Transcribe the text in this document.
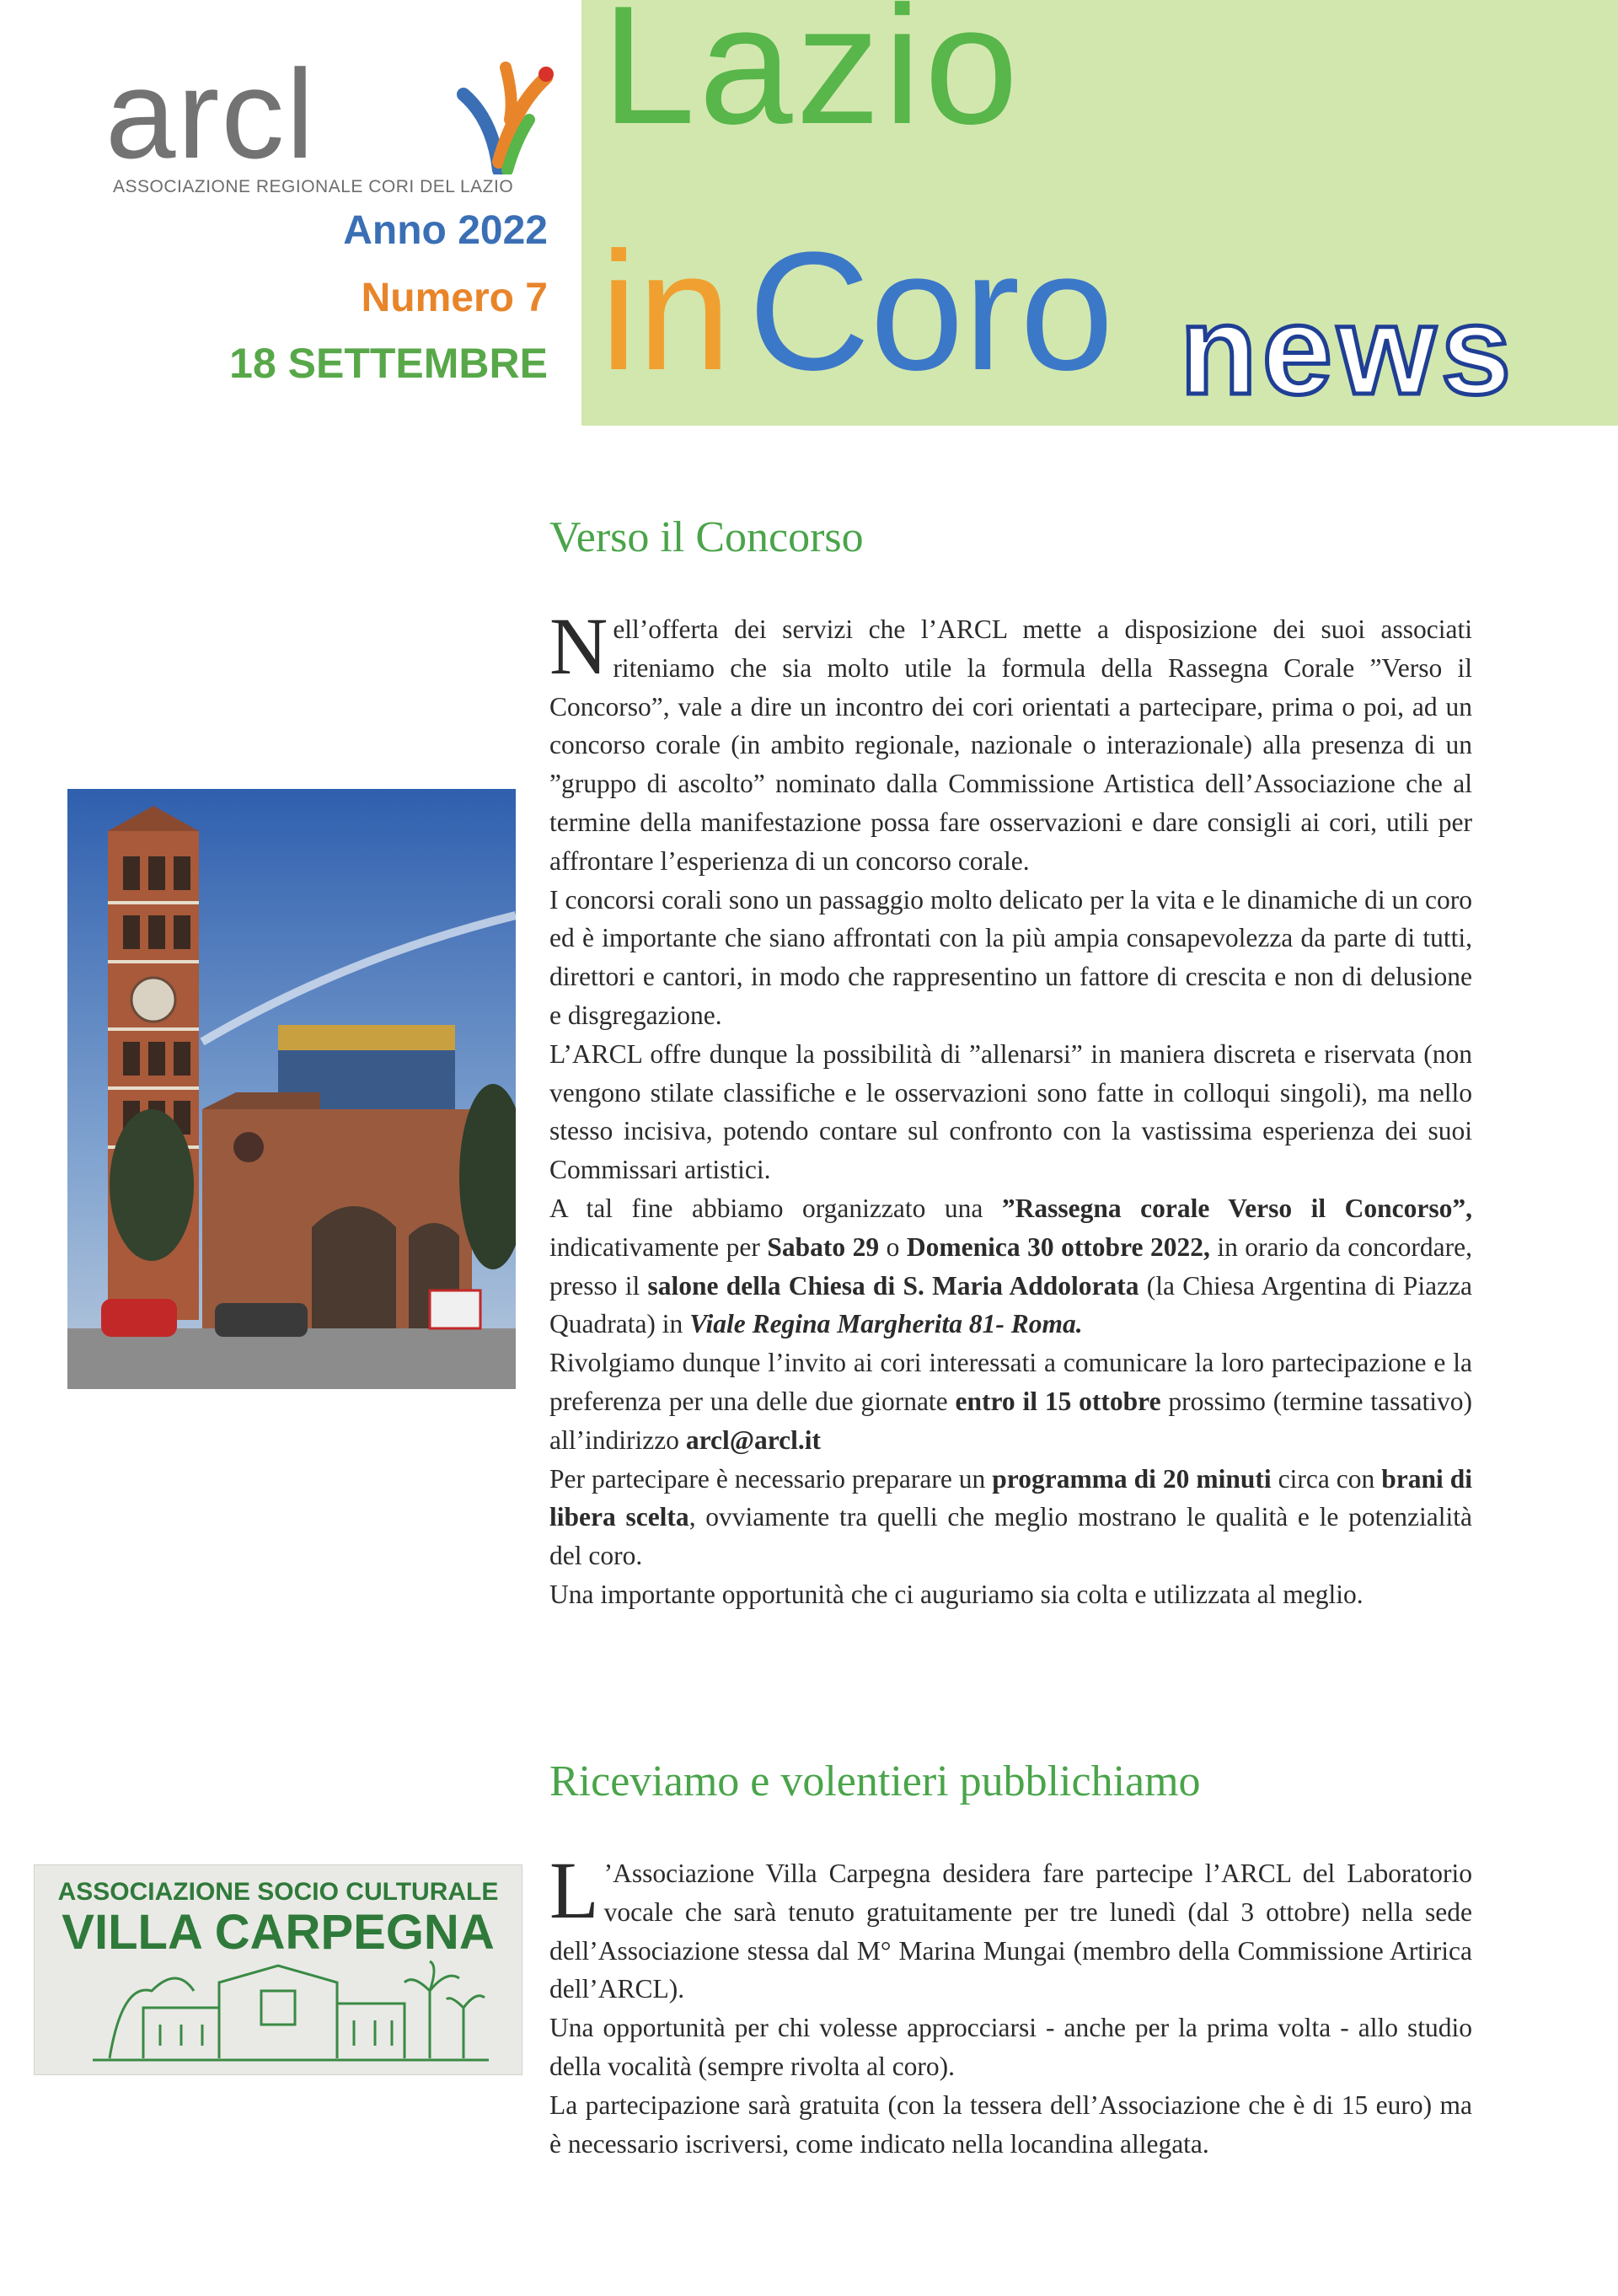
arcl
ASSOCIAZIONE REGIONALE CORI DEL LAZIO
Anno 2022
Numero 7
18 SETTEMBRE
Lazio
in Coro news
Verso il Concorso

Nell’offerta dei servizi che l’ARCL mette a disposizione dei suoi associati riteniamo che sia molto utile la formula della Rassegna Corale ”Verso il Concorso”, vale a dire un incontro dei cori orientati a partecipare, prima o poi, ad un concorso corale (in ambito regionale, nazionale o interazionale) alla presenza di un ”gruppo di ascolto” nominato dalla Commissione Artistica dell’Associazione che al termine della manifestazione possa fare osservazioni e dare consigli ai cori, utili per affrontare l’esperienza di un concorso corale.

I concorsi corali sono un passaggio molto delicato per la vita e le dinamiche di un coro ed è importante che siano affrontati con la più ampia consapevolezza da parte di tutti, direttori e cantori, in modo che rappresentino un fattore di crescita e non di delusione e disgregazione.

L’ARCL offre dunque la possibilità di ”allenarsi” in maniera discreta e riservata (non vengono stilate classifiche e le osservazioni sono fatte in colloqui singoli), ma nello stesso incisiva, potendo contare sul confronto con la vastissima esperienza dei suoi Commissari artistici.

A tal fine abbiamo organizzato una ”Rassegna corale Verso il Concorso”, indicativamente per Sabato 29 o Domenica 30 ottobre 2022, in orario da concordare, presso il salone della Chiesa di S. Maria Addolorata (la Chiesa Argentina di Piazza Quadrata) in Viale Regina Margherita 81- Roma.

Rivolgiamo dunque l’invito ai cori interessati a comunicare la loro partecipazione e la preferenza per una delle due giornate entro il 15 ottobre prossimo (termine tassativo) all’indirizzo arcl@arcl.it

Per partecipare è necessario preparare un programma di 20 minuti circa con brani di libera scelta, ovviamente tra quelli che meglio mostrano le qualità e le potenzialità del coro.

Una importante opportunità che ci auguriamo sia colta e utilizzata al meglio.

Riceviamo e volentieri pubblichiamo

L ’Associazione Villa Carpegna desidera fare partecipe l’ARCL del Laboratorio vocale che sarà tenuto gratuitamente per tre lunedì (dal 3 ottobre) nella sede dell’Associazione stessa dal M° Marina Mungai (membro della Commissione Artirica dell’ARCL).

Una opportunità per chi volesse approcciarsi - anche per la prima volta - allo studio della vocalità (sempre rivolta al coro).

La partecipazione sarà gratuita (con la tessera dell’Associazione che è di 15 euro) ma è necessario iscriversi, come indicato nella locandina allegata.

ASSOCIAZIONE SOCIO CULTURALE
VILLA CARPEGNA
